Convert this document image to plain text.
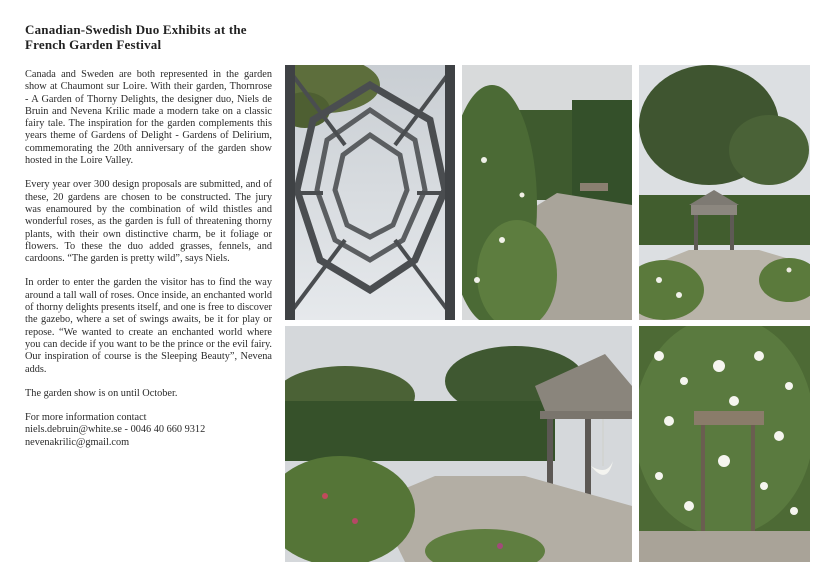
Canadian-Swedish Duo Exhibits at the French Garden Festival

Canada and Sweden are both represented in the garden show at Chaumont sur Loire. With their garden, Thornrose - A Garden of Thorny Delights, the designer duo, Niels de Bruin and Nevena Krilic made a modern take on a classic fairy tale. The inspiration for the garden complements this years theme of Gardens of Delight - Gardens of Delirium, commemorating the 20th anniversary of the garden show hosted in the Loire Valley.

Every year over 300 design proposals are submitted, and of these, 20 gardens are chosen to be constructed. The jury was enamoured by the combination of wild thistles and wonderful roses, as the garden is full of threatening thorny plants, with their own distinctive charm, be it foliage or flowers. To these the duo added grasses, fennels, and cardoons. “The garden is pretty wild”, says Niels.

In order to enter the garden the visitor has to find the way around a tall wall of roses. Once inside, an enchanted world of thorny delights presents itself, and one is free to discover the gazebo, where a set of swings awaits, be it for play or repose. “We wanted to create an enchanted world where you can decide if you want to be the prince or the evil fairy. Our inspiration of course is the Sleeping Beauty”, Nevena adds.

The garden show is on until October.

For more information contact
niels.debruin@white.se - 0046 40 660 9312
nevenakrilic@gmail.com
